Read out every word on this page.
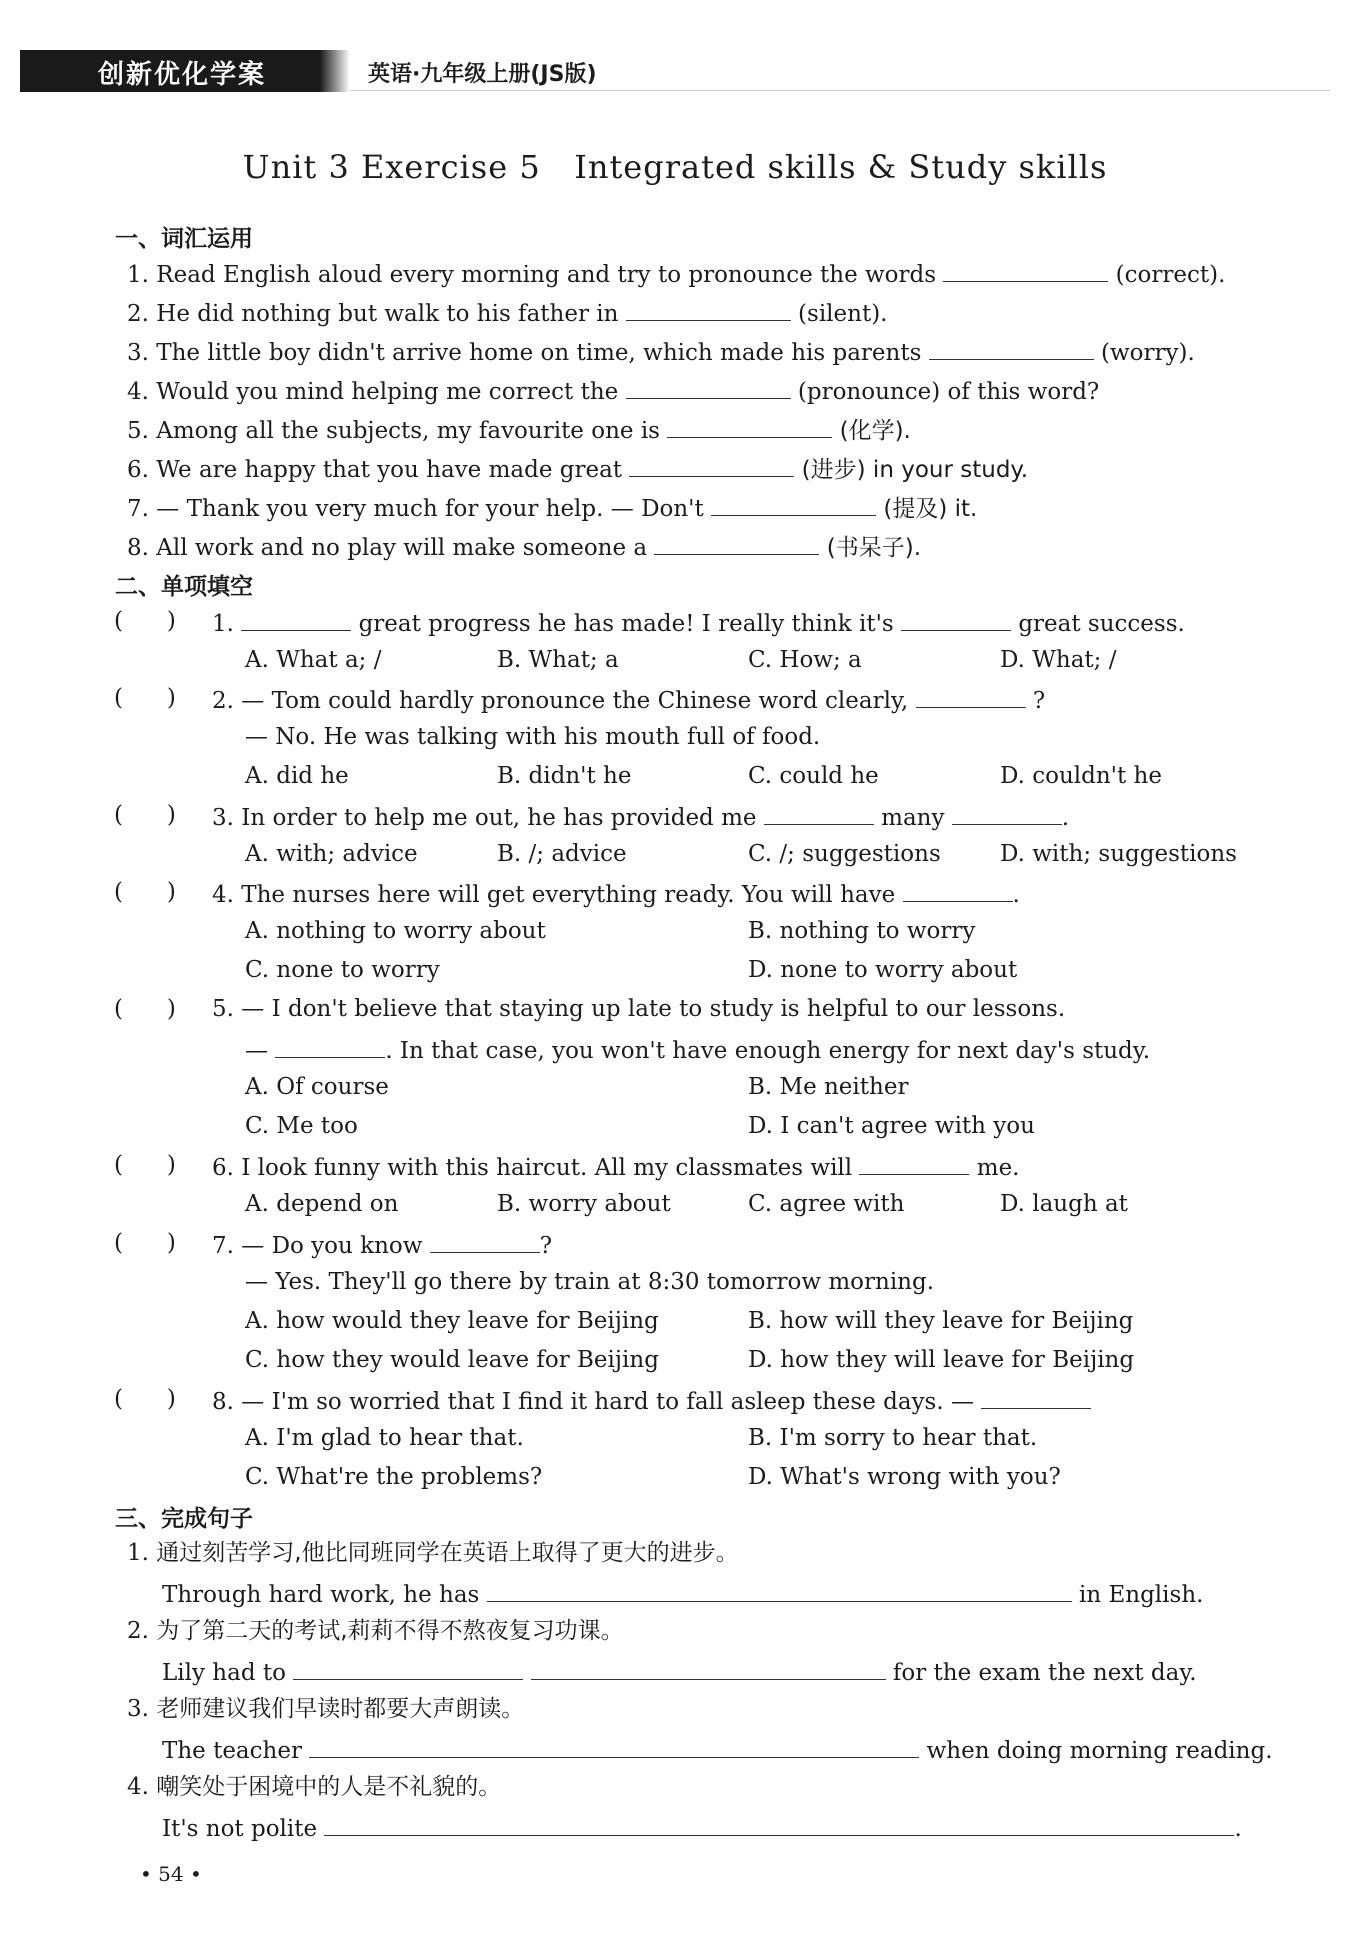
创新优化学案	英语·九年级上册(JS版)
Unit 3 Exercise 5   Integrated skills & Study skills
一、词汇运用
1. Read English aloud every morning and try to pronounce the words	(correct).
2. He did nothing but walk to his father in	(silent).
3. The little boy didn't arrive home on time, which made his parents	(worry).
4. Would you mind helping me correct the	(pronounce) of this word?
5. Among all the subjects, my favourite one is	(化学).
6. We are happy that you have made great	(进步) in your study.
7. — Thank you very much for your help. — Don't	(提及) it.
8. All work and no play will make someone a	(书呆子).
二、单项填空
(      ) 1.	great progress he has made! I really think it's	great success.
A. What a; /	B. What; a	C. How; a	D. What; /
(      ) 2. — Tom could hardly pronounce the Chinese word clearly,	?
— No. He was talking with his mouth full of food.
A. did he	B. didn't he	C. could he	D. couldn't he
(      ) 3. In order to help me out, he has provided me	many	.
A. with; advice	B. /; advice	C. /; suggestions	D. with; suggestions
(      ) 4. The nurses here will get everything ready. You will have	.
A. nothing to worry about	B. nothing to worry
C. none to worry	D. none to worry about
(      ) 5. — I don't believe that staying up late to study is helpful to our lessons.
—	. In that case, you won't have enough energy for next day's study.
A. Of course	B. Me neither
C. Me too	D. I can't agree with you
(      ) 6. I look funny with this haircut. All my classmates will	me.
A. depend on	B. worry about	C. agree with	D. laugh at
(      ) 7. — Do you know	?
— Yes. They'll go there by train at 8:30 tomorrow morning.
A. how would they leave for Beijing	B. how will they leave for Beijing
C. how they would leave for Beijing	D. how they will leave for Beijing
(      ) 8. — I'm so worried that I find it hard to fall asleep these days. —
A. I'm glad to hear that.	B. I'm sorry to hear that.
C. What're the problems?	D. What's wrong with you?
三、完成句子
1. 通过刻苦学习,他比同班同学在英语上取得了更大的进步。
Through hard work, he has	in English.
2. 为了第二天的考试,莉莉不得不熬夜复习功课。
Lily had to	for the exam the next day.
3. 老师建议我们早读时都要大声朗读。
The teacher	when doing morning reading.
4. 嘲笑处于困境中的人是不礼貌的。
It's not polite	.
• 54 •
